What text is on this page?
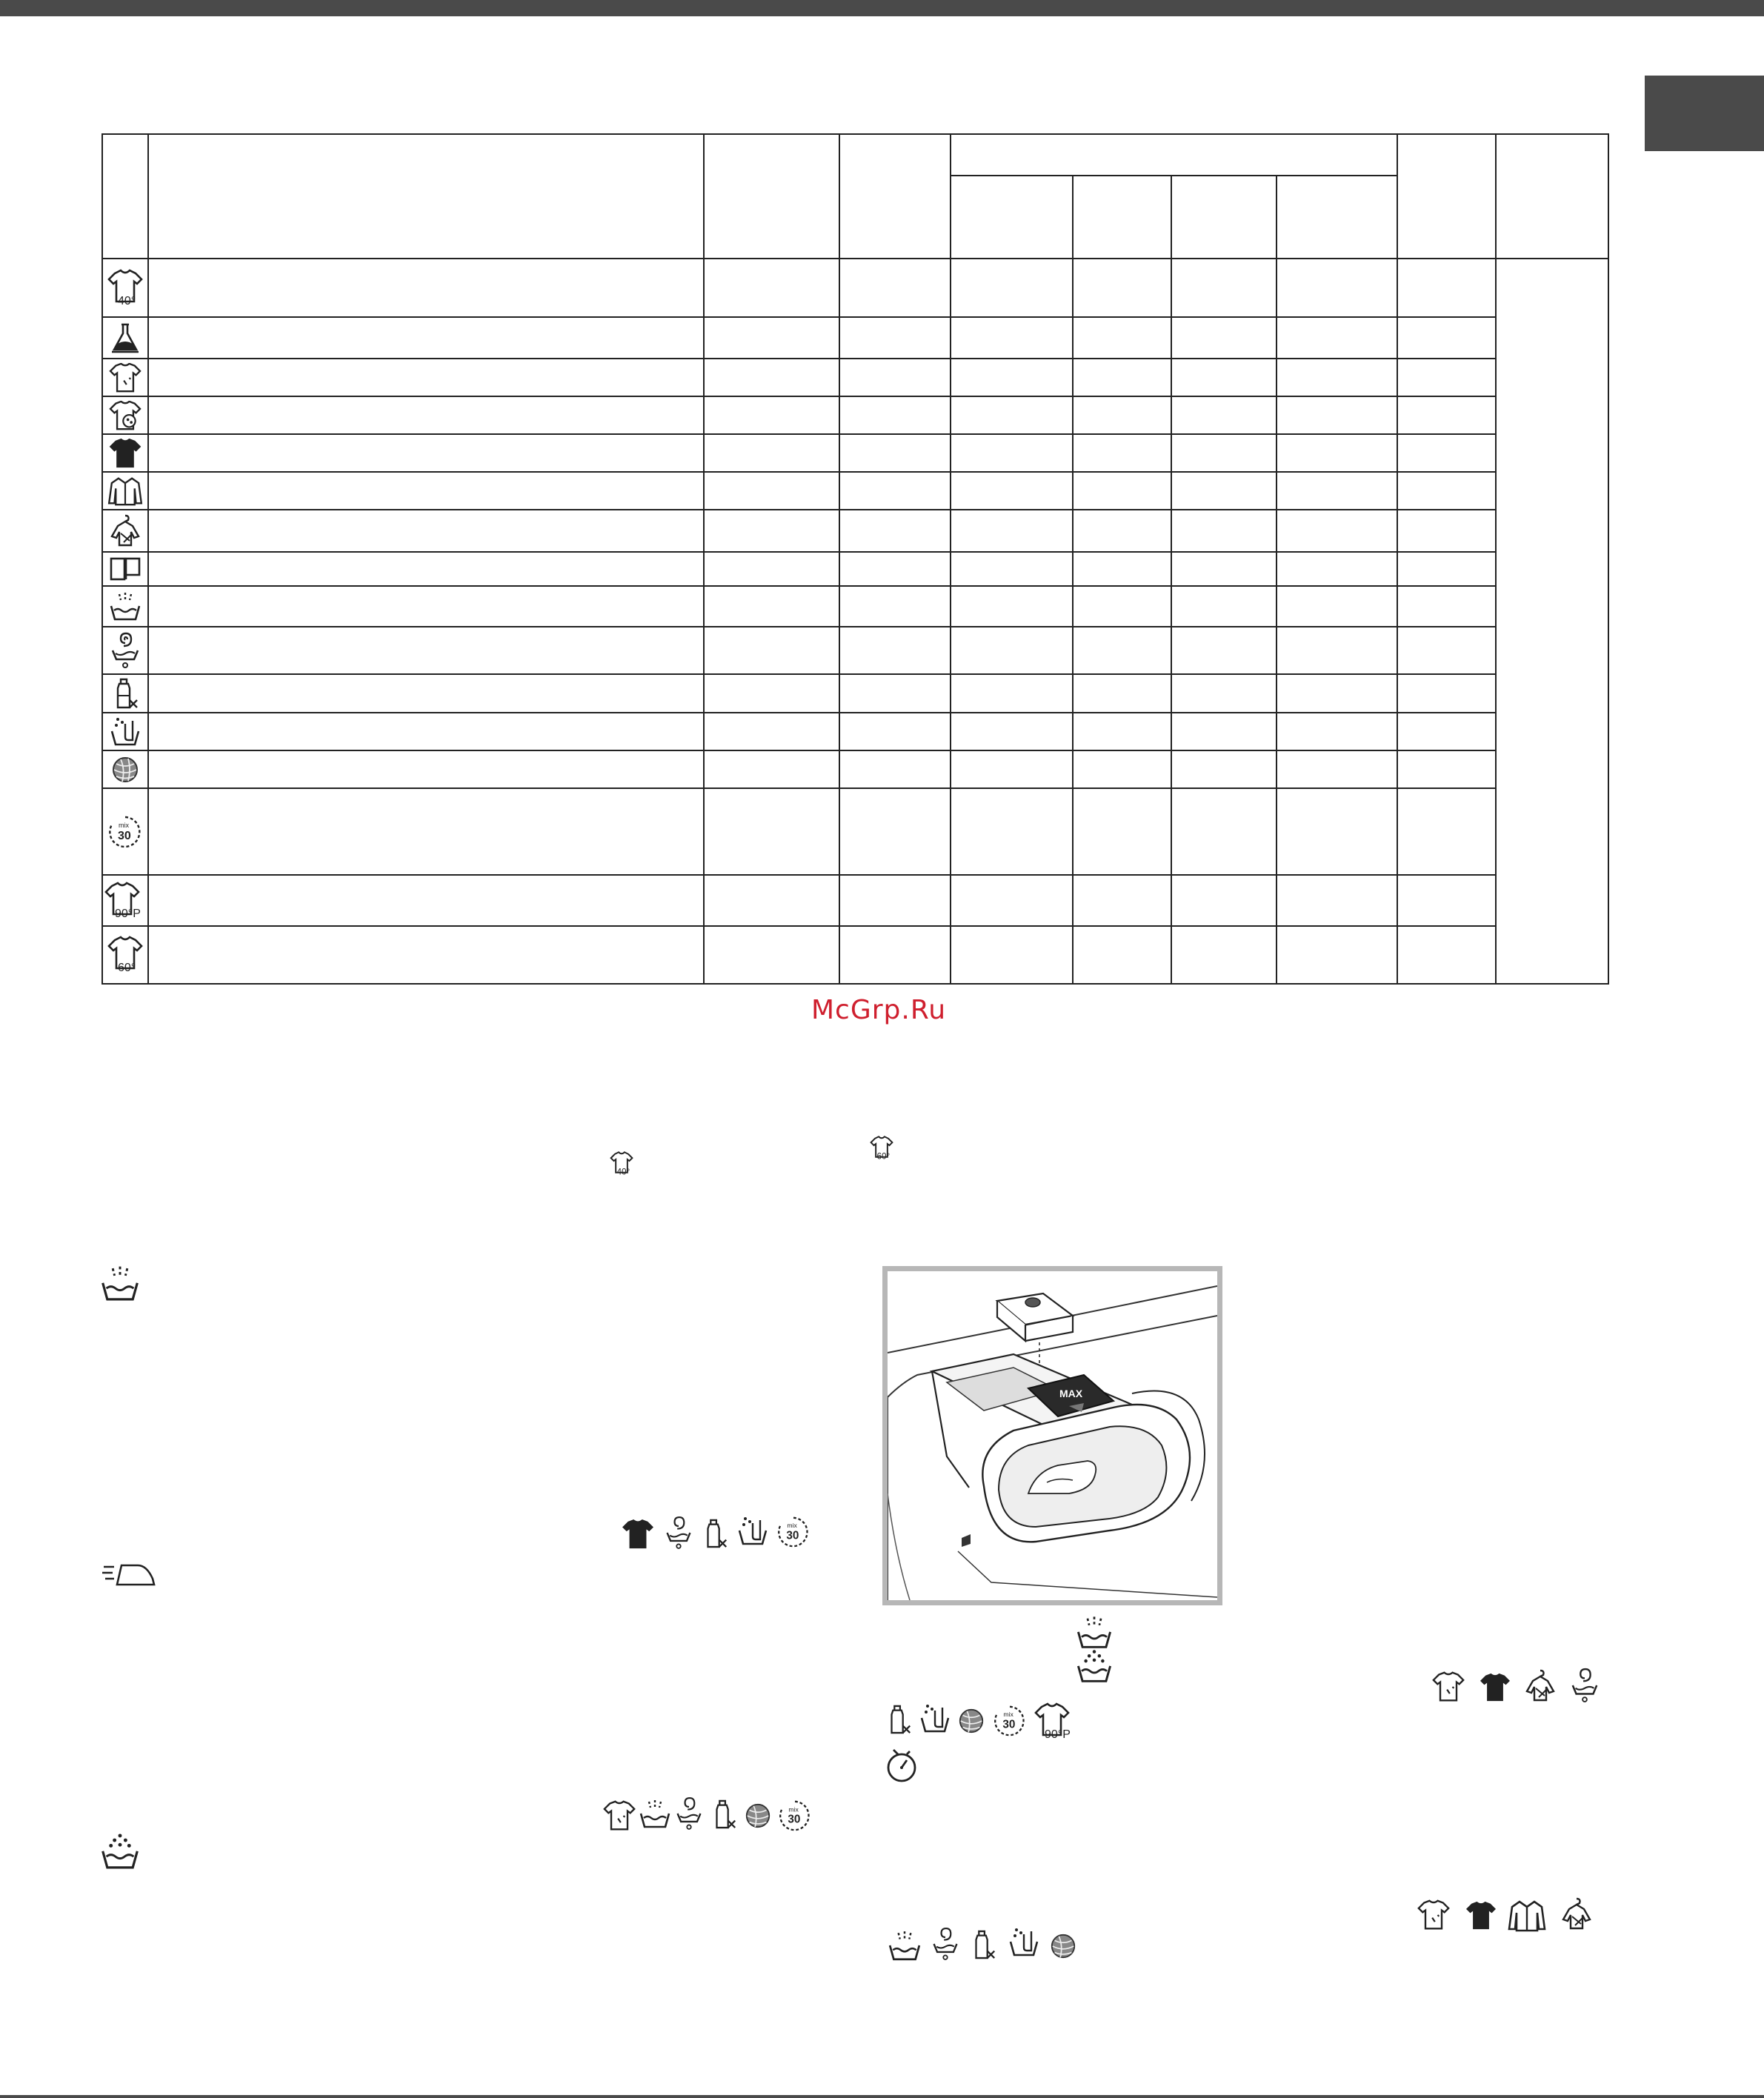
40°									

mix
30									

90°P									

60°									

McGrp.Ru
40°
60°
mix
30
mix
30
MAX
mix
30
90°P
